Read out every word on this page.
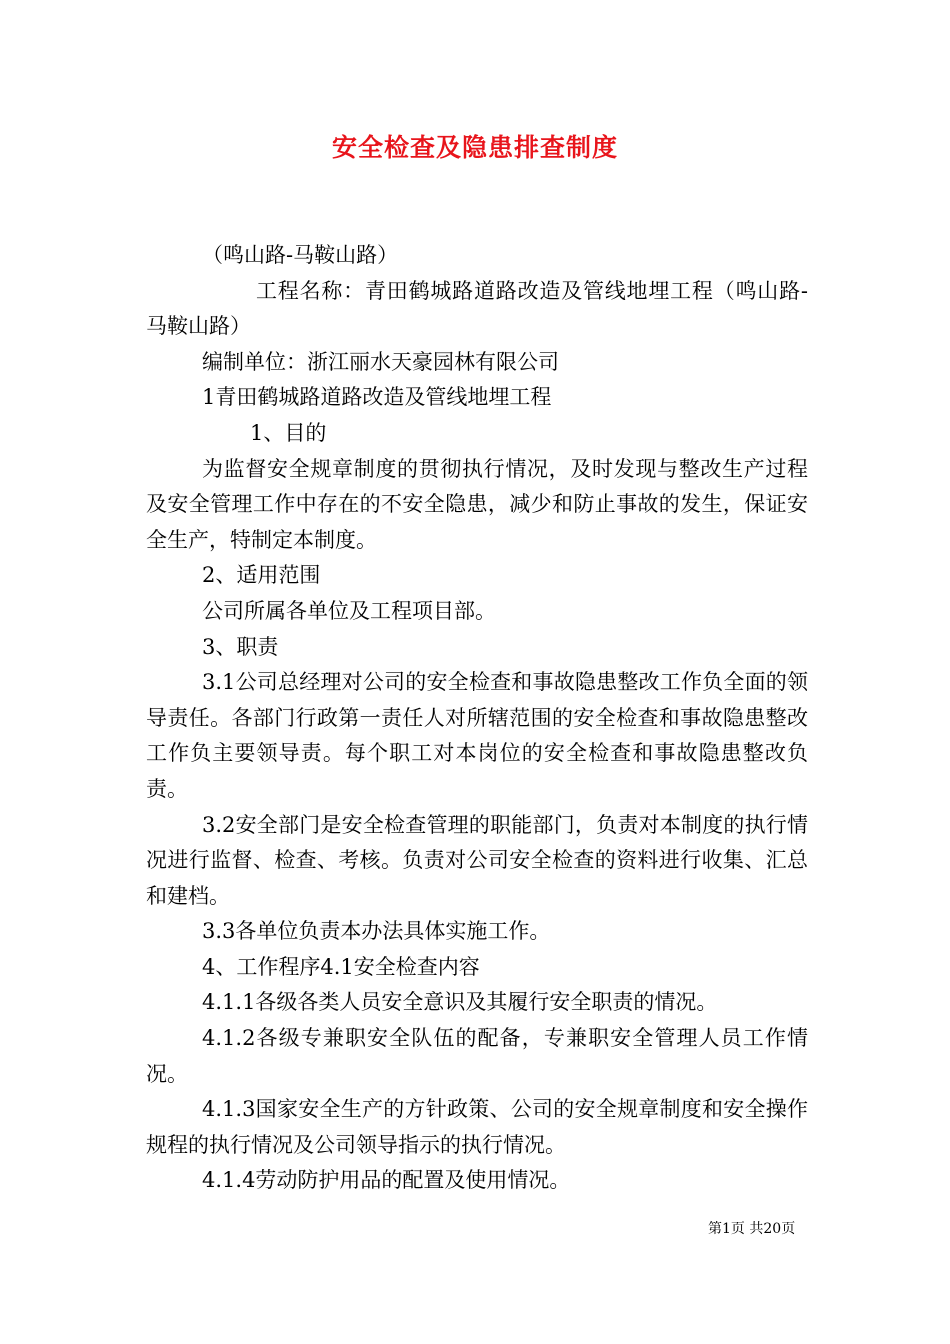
安全检查及隐患排查制度

（鸣山路-马鞍山路）

工程名称：青田鹤城路道路改造及管线地埋工程（鸣山路-马鞍山路）

编制单位：浙江丽水天豪园林有限公司

1青田鹤城路道路改造及管线地埋工程

1、目的

为监督安全规章制度的贯彻执行情况，及时发现与整改生产过程及安全管理工作中存在的不安全隐患，减少和防止事故的发生，保证安全生产，特制定本制度。

2、适用范围

公司所属各单位及工程项目部。

3、职责

3.1公司总经理对公司的安全检查和事故隐患整改工作负全面的领导责任。各部门行政第一责任人对所辖范围的安全检查和事故隐患整改工作负主要领导责。每个职工对本岗位的安全检查和事故隐患整改负责。

3.2安全部门是安全检查管理的职能部门，负责对本制度的执行情况进行监督、检查、考核。负责对公司安全检查的资料进行收集、汇总和建档。

3.3各单位负责本办法具体实施工作。

4、工作程序4.1安全检查内容

4.1.1各级各类人员安全意识及其履行安全职责的情况。

4.1.2各级专兼职安全队伍的配备，专兼职安全管理人员工作情况。

4.1.3国家安全生产的方针政策、公司的安全规章制度和安全操作规程的执行情况及公司领导指示的执行情况。

4.1.4劳动防护用品的配置及使用情况。

第1页 共20页
